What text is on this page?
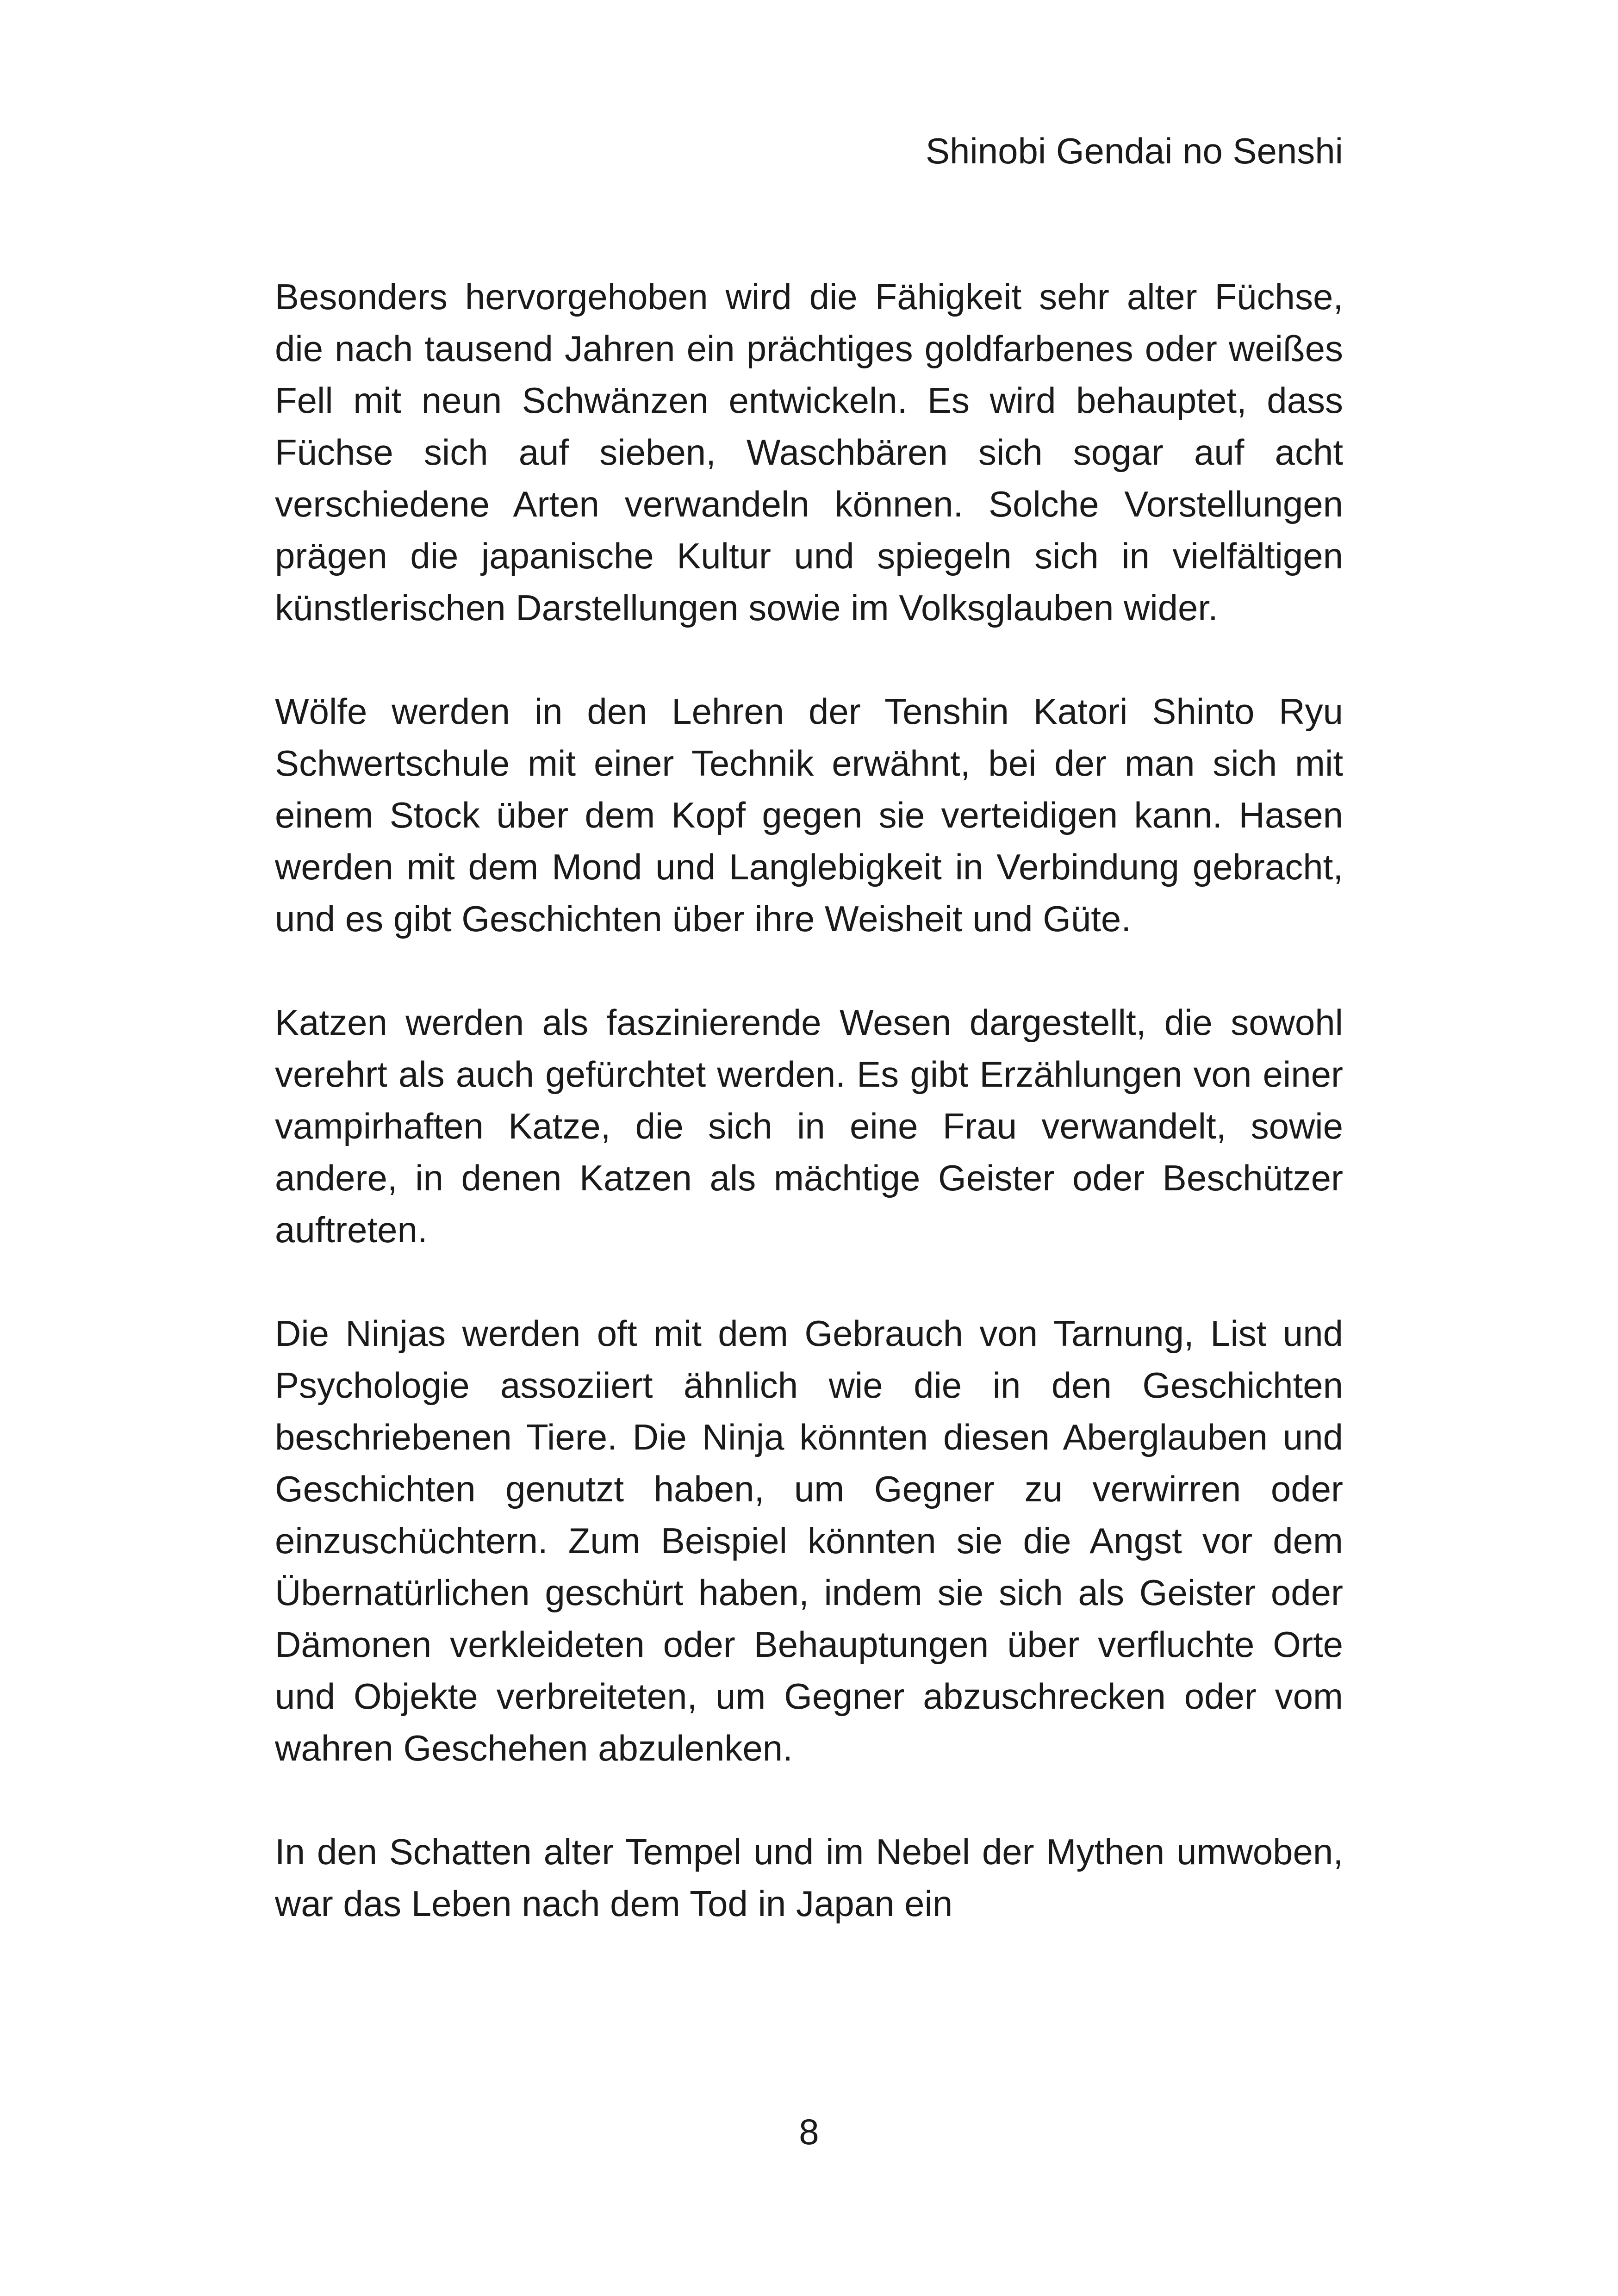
Shinobi Gendai no Senshi

Besonders hervorgehoben wird die Fähigkeit sehr alter Füchse, die nach tausend Jahren ein prächtiges goldfarbenes oder weißes Fell mit neun Schwänzen entwickeln. Es wird behauptet, dass Füchse sich auf sieben, Waschbären sich sogar auf acht verschiedene Arten verwandeln können. Solche Vorstellungen prägen die japanische Kultur und spiegeln sich in vielfältigen künstlerischen Darstellungen sowie im Volksglauben wider.

Wölfe werden in den Lehren der Tenshin Katori Shinto Ryu Schwertschule mit einer Technik erwähnt, bei der man sich mit einem Stock über dem Kopf gegen sie verteidigen kann. Hasen werden mit dem Mond und Langlebigkeit in Verbindung gebracht, und es gibt Geschichten über ihre Weisheit und Güte.

Katzen werden als faszinierende Wesen dargestellt, die sowohl verehrt als auch gefürchtet werden. Es gibt Erzählungen von einer vampirhaften Katze, die sich in eine Frau verwandelt, sowie andere, in denen Katzen als mächtige Geister oder Beschützer auftreten.

Die Ninjas werden oft mit dem Gebrauch von Tarnung, List und Psychologie assoziiert ähnlich wie die in den Geschichten beschriebenen Tiere. Die Ninja könnten diesen Aberglauben und Geschichten genutzt haben, um Gegner zu verwirren oder einzuschüchtern. Zum Beispiel könnten sie die Angst vor dem Übernatürlichen geschürt haben, indem sie sich als Geister oder Dämonen verkleideten oder Behauptungen über verfluchte Orte und Objekte verbreiteten, um Gegner abzuschrecken oder vom wahren Geschehen abzulenken.

In den Schatten alter Tempel und im Nebel der Mythen umwoben, war das Leben nach dem Tod in Japan ein

8
